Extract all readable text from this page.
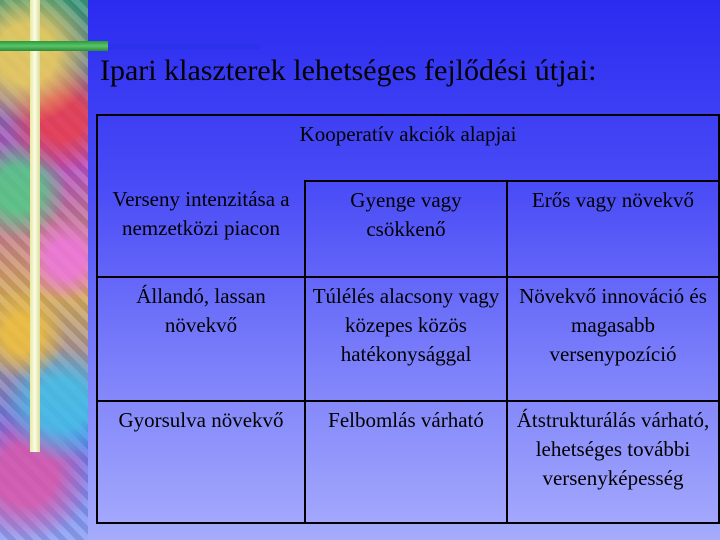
Ipari klaszterek lehetséges fejlődési útjai:
Kooperatív akciók alapjai		
Verseny intenzitása a nemzetközi piacon	Gyenge vagy csökkenő	Erős vagy növekvő
Állandó, lassan növekvő	Túlélés alacsony vagy közepes közös hatékonysággal	Növekvő innováció és magasabb versenypozíció
Gyorsulva növekvő	Felbomlás várható	Átstrukturálás várható, lehetséges további versenyképesség
